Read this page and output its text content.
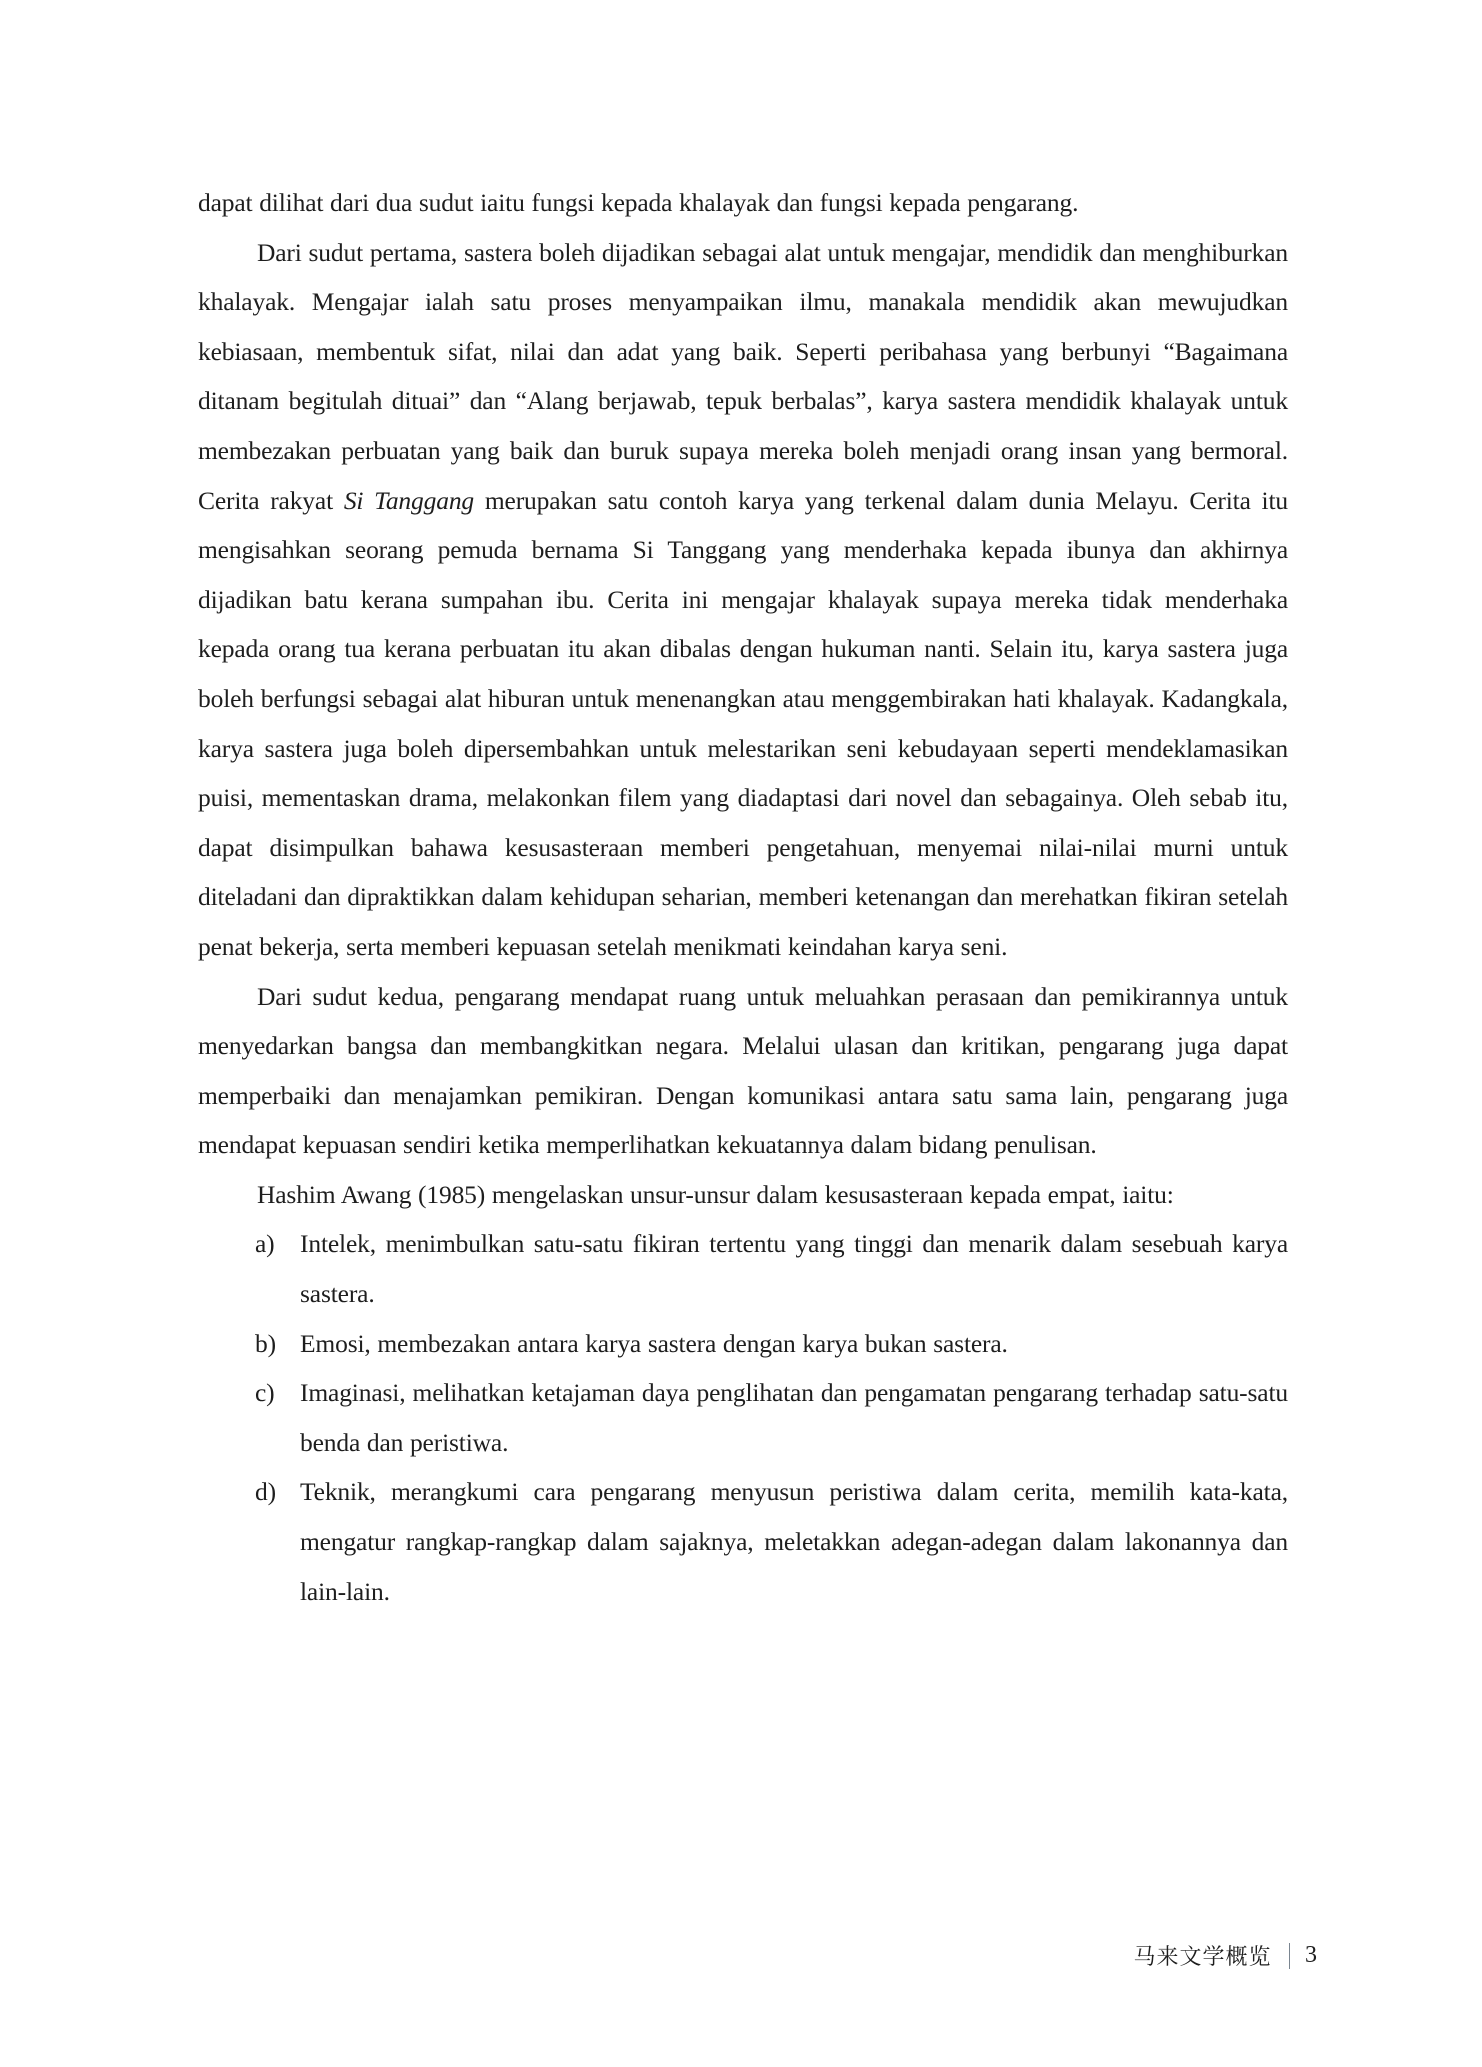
dapat dilihat dari dua sudut iaitu fungsi kepada khalayak dan fungsi kepada pengarang.

Dari sudut pertama, sastera boleh dijadikan sebagai alat untuk mengajar, mendidik dan menghiburkan khalayak. Mengajar ialah satu proses menyampaikan ilmu, manakala mendidik akan mewujudkan kebiasaan, membentuk sifat, nilai dan adat yang baik. Seperti peribahasa yang berbunyi “Bagaimana ditanam begitulah dituai” dan “Alang berjawab, tepuk berbalas”, karya sastera mendidik khalayak untuk membezakan perbuatan yang baik dan buruk supaya mereka boleh menjadi orang insan yang bermoral. Cerita rakyat Si Tanggang merupakan satu contoh karya yang terkenal dalam dunia Melayu. Cerita itu mengisahkan seorang pemuda bernama Si Tanggang yang menderhaka kepada ibunya dan akhirnya dijadikan batu kerana sumpahan ibu. Cerita ini mengajar khalayak supaya mereka tidak menderhaka kepada orang tua kerana perbuatan itu akan dibalas dengan hukuman nanti. Selain itu, karya sastera juga boleh berfungsi sebagai alat hiburan untuk menenangkan atau menggembirakan hati khalayak. Kadangkala, karya sastera juga boleh dipersembahkan untuk melestarikan seni kebudayaan seperti mendeklamasikan puisi, mementaskan drama, melakonkan filem yang diadaptasi dari novel dan sebagainya. Oleh sebab itu, dapat disimpulkan bahawa kesusasteraan memberi pengetahuan, menyemai nilai-nilai murni untuk diteladani dan dipraktikkan dalam kehidupan seharian, memberi ketenangan dan merehatkan fikiran setelah penat bekerja, serta memberi kepuasan setelah menikmati keindahan karya seni.

Dari sudut kedua, pengarang mendapat ruang untuk meluahkan perasaan dan pemikirannya untuk menyedarkan bangsa dan membangkitkan negara. Melalui ulasan dan kritikan, pengarang juga dapat memperbaiki dan menajamkan pemikiran. Dengan komunikasi antara satu sama lain, pengarang juga mendapat kepuasan sendiri ketika memperlihatkan kekuatannya dalam bidang penulisan.

Hashim Awang (1985) mengelaskan unsur-unsur dalam kesusasteraan kepada empat, iaitu:

a) Intelek, menimbulkan satu-satu fikiran tertentu yang tinggi dan menarik dalam sesebuah karya sastera.
b) Emosi, membezakan antara karya sastera dengan karya bukan sastera.
c) Imaginasi, melihatkan ketajaman daya penglihatan dan pengamatan pengarang terhadap satu-satu benda dan peristiwa.
d) Teknik, merangkumi cara pengarang menyusun peristiwa dalam cerita, memilih kata-kata, mengatur rangkap-rangkap dalam sajaknya, meletakkan adegan-adegan dalam lakonannya dan lain-lain.
马来文学概览 3
